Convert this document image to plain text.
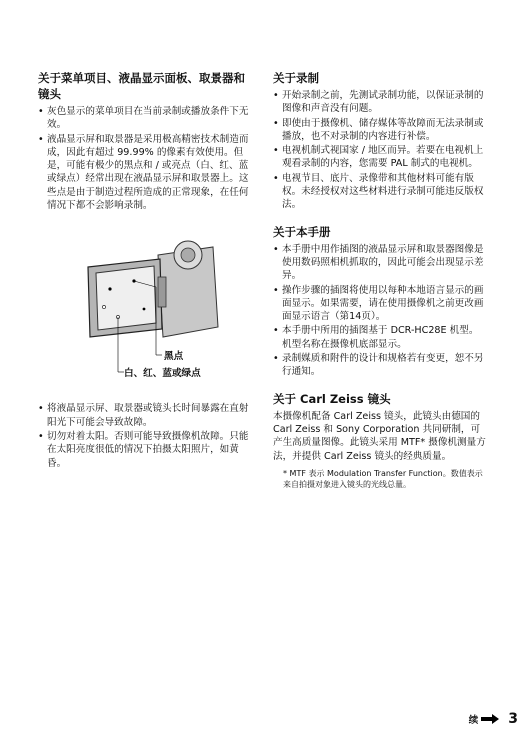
关于菜单项目、液晶显示面板、取景器和镜头
• 灰色显示的菜单项目在当前录制或播放条件下无效。
• 液晶显示屏和取景器是采用极高精密技术制造而成，因此有超过 99.99% 的像素有效使用。但是，可能有极少的黑点和 / 或亮点（白、红、蓝或绿点）经常出现在液晶显示屏和取景器上。这些点是由于制造过程所造成的正常现象，在任何情况下都不会影响录制。
黑点
白、红、蓝或绿点
• 将液晶显示屏、取景器或镜头长时间暴露在直射阳光下可能会导致故障。
• 切勿对着太阳。否则可能导致摄像机故障。只能在太阳亮度很低的情况下拍摄太阳照片，如黄昏。
关于录制
• 开始录制之前，先测试录制功能，以保证录制的图像和声音没有问题。
• 即使由于摄像机、储存媒体等故障而无法录制或播放，也不对录制的内容进行补偿。
• 电视机制式视国家 / 地区而异。若要在电视机上观看录制的内容，您需要 PAL 制式的电视机。
• 电视节目、底片、录像带和其他材料可能有版权。未经授权对这些材料进行录制可能违反版权法。
关于本手册
• 本手册中用作插图的液晶显示屏和取景器图像是使用数码照相机抓取的，因此可能会出现显示差异。
• 操作步骤的插图将使用以每种本地语言显示的画面显示。如果需要，请在使用摄像机之前更改画面显示语言（第14页）。
• 本手册中所用的插图基于 DCR-HC28E 机型。机型名称在摄像机底部显示。
• 录制媒质和附件的设计和规格若有变更，恕不另行通知。
关于 Carl Zeiss 镜头

本摄像机配备 Carl Zeiss 镜头，此镜头由德国的 Carl Zeiss 和 Sony Corporation 共同研制，可产生高质量图像。此镜头采用 MTF* 摄像机测量方法，并提供 Carl Zeiss 镜头的经典质量。

* MTF 表示 Modulation Transfer Function。数值表示来自拍摄对象进入镜头的光线总量。

续 3
